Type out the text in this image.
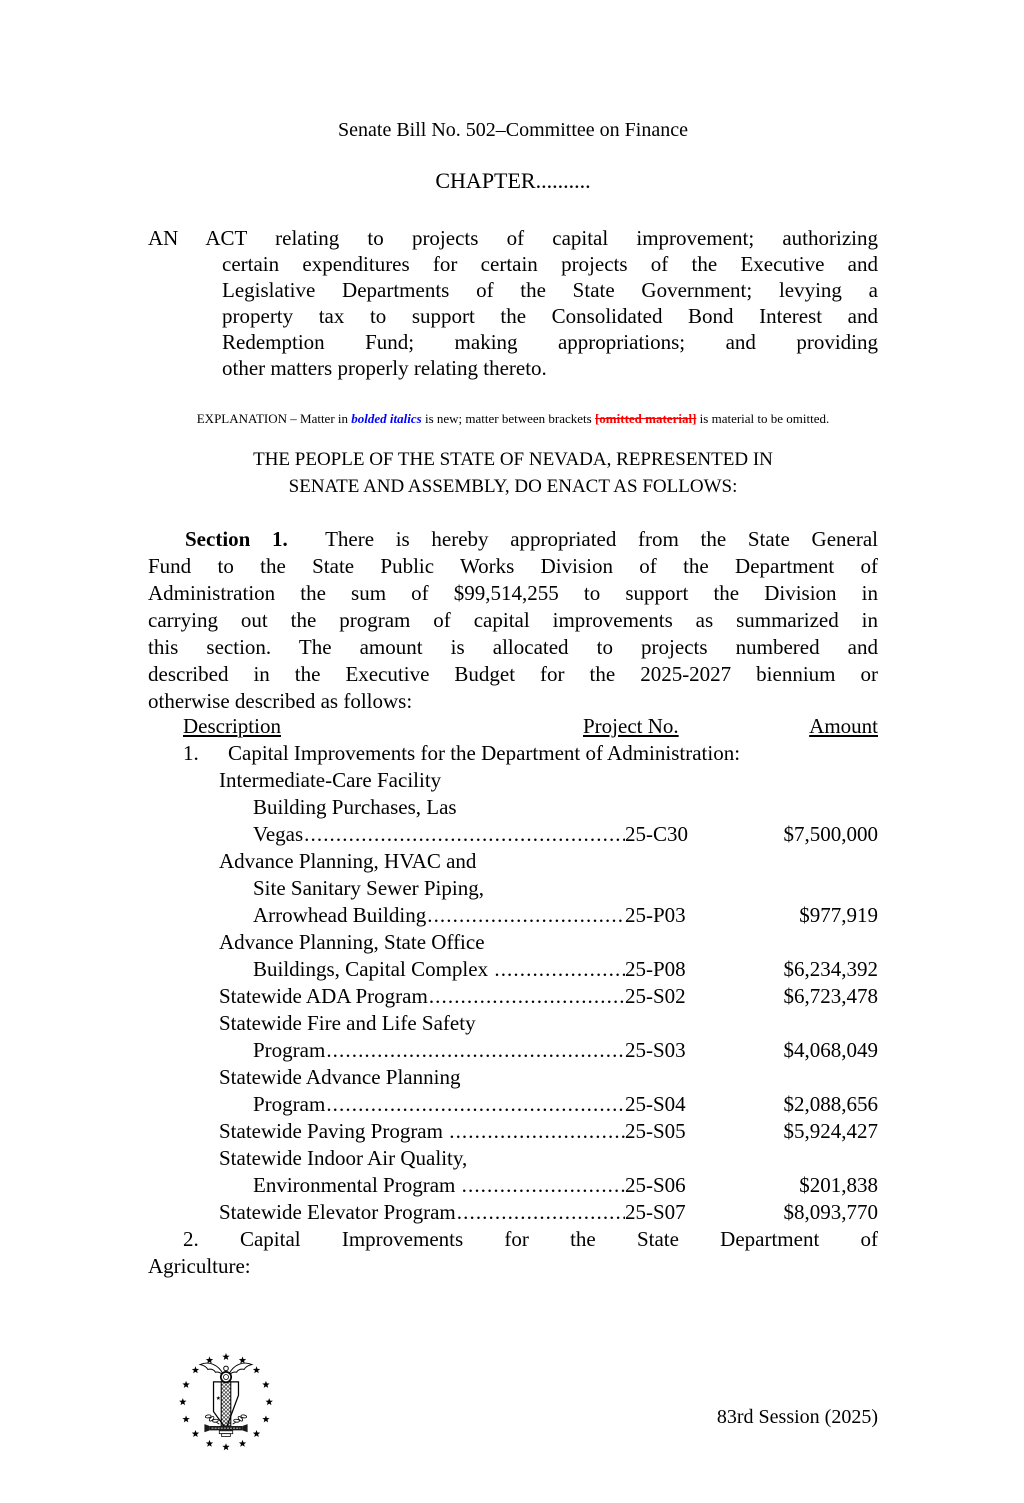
Senate Bill No. 502–Committee on Finance
CHAPTER..........
AN ACT relating to projects of capital improvement; authorizing
certain expenditures for certain projects of the Executive and
Legislative Departments of the State Government; levying a
property tax to support the Consolidated Bond Interest and
Redemption Fund; making appropriations; and providing
other matters properly relating thereto.
EXPLANATION – Matter in bolded italics is new; matter between brackets [omitted material] is material to be omitted.
THE PEOPLE OF THE STATE OF NEVADA, REPRESENTED IN
SENATE AND ASSEMBLY, DO ENACT AS FOLLOWS:
Section 1. There is hereby appropriated from the State General
Fund to the State Public Works Division of the Department of
Administration the sum of $99,514,255 to support the Division in
carrying out the program of capital improvements as summarized in
this section. The amount is allocated to projects numbered and
described in the Executive Budget for the 2025-2027 biennium or
otherwise described as follows:
Description	Project No.	Amount
1. Capital Improvements for the Department of Administration:
Intermediate-Care Facility
Building Purchases, Las
Vegas .....	25-C30	$7,500,000
Advance Planning, HVAC and
Site Sanitary Sewer Piping,
Arrowhead Building .....	25-P03	$977,919
Advance Planning, State Office
Buildings, Capital Complex .....	25-P08	$6,234,392
Statewide ADA Program .....	25-S02	$6,723,478
Statewide Fire and Life Safety
Program .....	25-S03	$4,068,049
Statewide Advance Planning
Program .....	25-S04	$2,088,656
Statewide Paving Program .....	25-S05	$5,924,427
Statewide Indoor Air Quality,
Environmental Program .....	25-S06	$201,838
Statewide Elevator Program .....	25-S07	$8,093,770
2. Capital Improvements for the State Department of
Agriculture:
83rd Session (2025)
